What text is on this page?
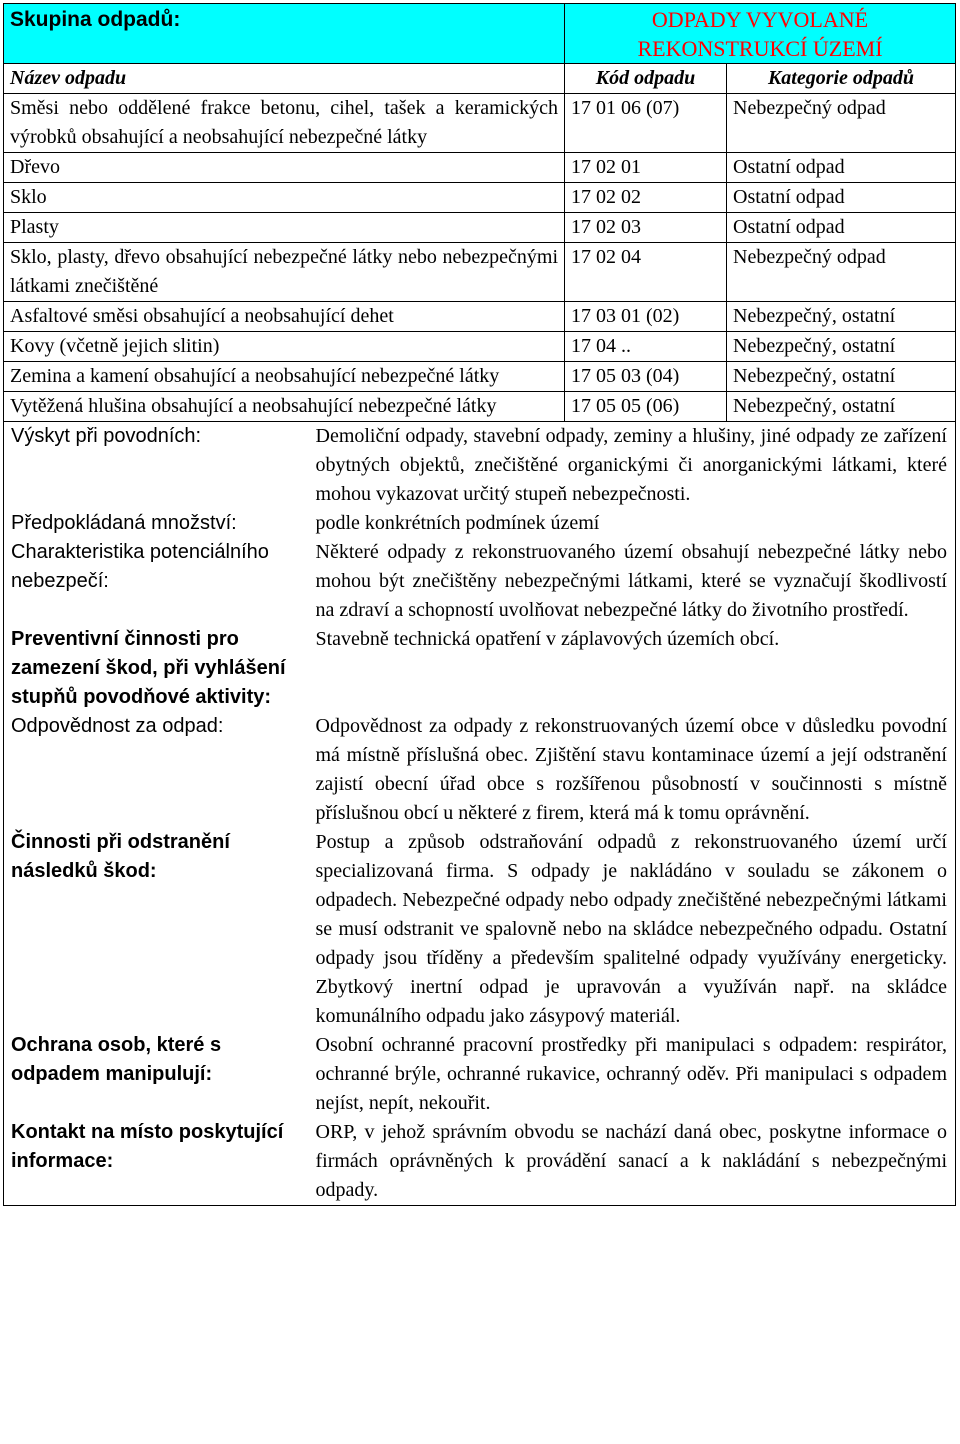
Skupina odpadů:	ODPADY VYVOLANÉ REKONSTRUKCÍ ÚZEMÍ	
Název odpadu	Kód odpadu	Kategorie odpadů
Směsi nebo oddělené frakce betonu, cihel, tašek a keramických výrobků obsahující a neobsahující nebezpečné látky	17 01 06 (07)	Nebezpečný odpad
Dřevo	17 02 01	Ostatní odpad
Sklo	17 02 02	Ostatní odpad
Plasty	17 02 03	Ostatní odpad
Sklo, plasty, dřevo obsahující nebezpečné látky nebo nebezpečnými látkami znečištěné	17 02 04	Nebezpečný odpad
Asfaltové směsi obsahující a neobsahující dehet	17 03 01 (02)	Nebezpečný, ostatní
Kovy (včetně jejich slitin)	17 04 ..	Nebezpečný, ostatní
Zemina a kamení obsahující a neobsahující nebezpečné látky	17 05 03 (04)	Nebezpečný, ostatní
Vytěžená hlušina obsahující a neobsahující nebezpečné látky	17 05 05 (06)	Nebezpečný, ostatní
Výskyt při povodních:	Demoliční odpady, stavební odpady, zeminy a hlušiny, jiné odpady ze zařízení obytných objektů, znečištěné organickými či anorganickými látkami, které mohou vykazovat určitý stupeň nebezpečnosti.
Předpokládaná množství:	podle konkrétních podmínek území
Charakteristika potenciálního nebezpečí:	Některé odpady z rekonstruovaného území obsahují nebezpečné látky nebo mohou být znečištěny nebezpečnými látkami, které se vyznačují škodlivostí na zdraví a schopností uvolňovat nebezpečné látky do životního prostředí.
Preventivní činnosti pro zamezení škod, při vyhlášení stupňů povodňové aktivity:	Stavebně technická opatření v záplavových územích obcí.
Odpovědnost za odpad:	Odpovědnost za odpady z rekonstruovaných území obce v důsledku povodní má místně příslušná obec. Zjištění stavu kontaminace území a její odstranění zajistí obecní úřad obce s rozšířenou působností v součinnosti s místně příslušnou obcí u některé z firem, která má k tomu oprávnění.
Činnosti při odstranění následků škod:	Postup a způsob odstraňování odpadů z rekonstruovaného území určí specializovaná firma. S odpady je nakládáno v souladu se zákonem o odpadech. Nebezpečné odpady nebo odpady znečištěné nebezpečnými látkami se musí odstranit ve spalovně nebo na skládce nebezpečného odpadu. Ostatní odpady jsou tříděny a především spalitelné odpady využívány energeticky. Zbytkový inertní odpad je upravován a využíván např. na skládce komunálního odpadu jako zásypový materiál.
Ochrana osob, které s odpadem manipulují:	Osobní ochranné pracovní prostředky při manipulaci s odpadem: respirátor, ochranné brýle, ochranné rukavice, ochranný oděv. Při manipulaci s odpadem nejíst, nepít, nekouřit.
Kontakt na místo poskytující informace:	ORP, v jehož správním obvodu se nachází daná obec, poskytne informace o firmách oprávněných k provádění sanací a k nakládání s nebezpečnými odpady.
